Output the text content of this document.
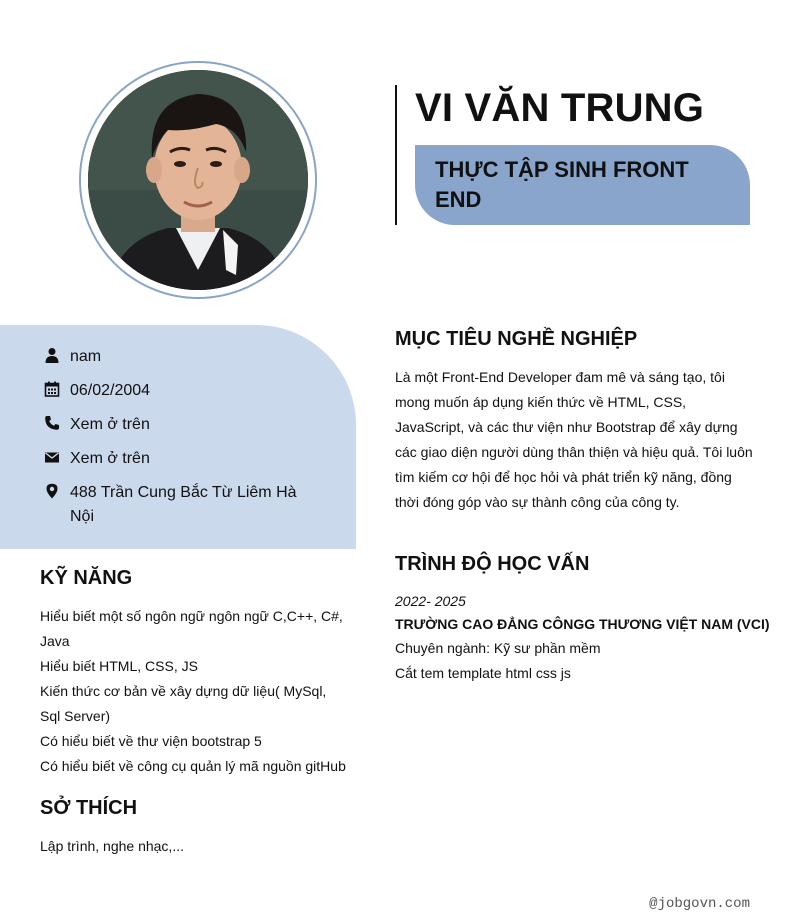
VI VĂN TRUNG
THỰC TẬP SINH FRONT END
nam
06/02/2004
Xem ở trên
Xem ở trên
488 Trần Cung Bắc Từ Liêm Hà Nội
KỸ NĂNG
Hiểu biết một số ngôn ngữ ngôn ngữ C,C++, C#, Java
Hiểu biết HTML, CSS, JS
Kiến thức cơ bản về xây dựng dữ liệu( MySql, Sql Server)
Có hiểu biết về thư viện bootstrap 5
Có hiểu biết về công cụ quản lý mã nguồn gitHub
SỞ THÍCH
Lập trình, nghe nhạc,...
MỤC TIÊU NGHỀ NGHIỆP
Là một Front-End Developer đam mê và sáng tạo, tôi mong muốn áp dụng kiến thức về HTML, CSS, JavaScript, và các thư viện như Bootstrap để xây dựng các giao diện người dùng thân thiện và hiệu quả. Tôi luôn tìm kiếm cơ hội để học hỏi và phát triển kỹ năng, đồng thời đóng góp vào sự thành công của công ty.
TRÌNH ĐỘ HỌC VẤN
2022- 2025
TRƯỜNG CAO ĐẲNG CÔNGG THƯƠNG VIỆT NAM (VCI)
Chuyên ngành: Kỹ sư phần mềm
Cắt tem template html css js
@jobgovn.com
